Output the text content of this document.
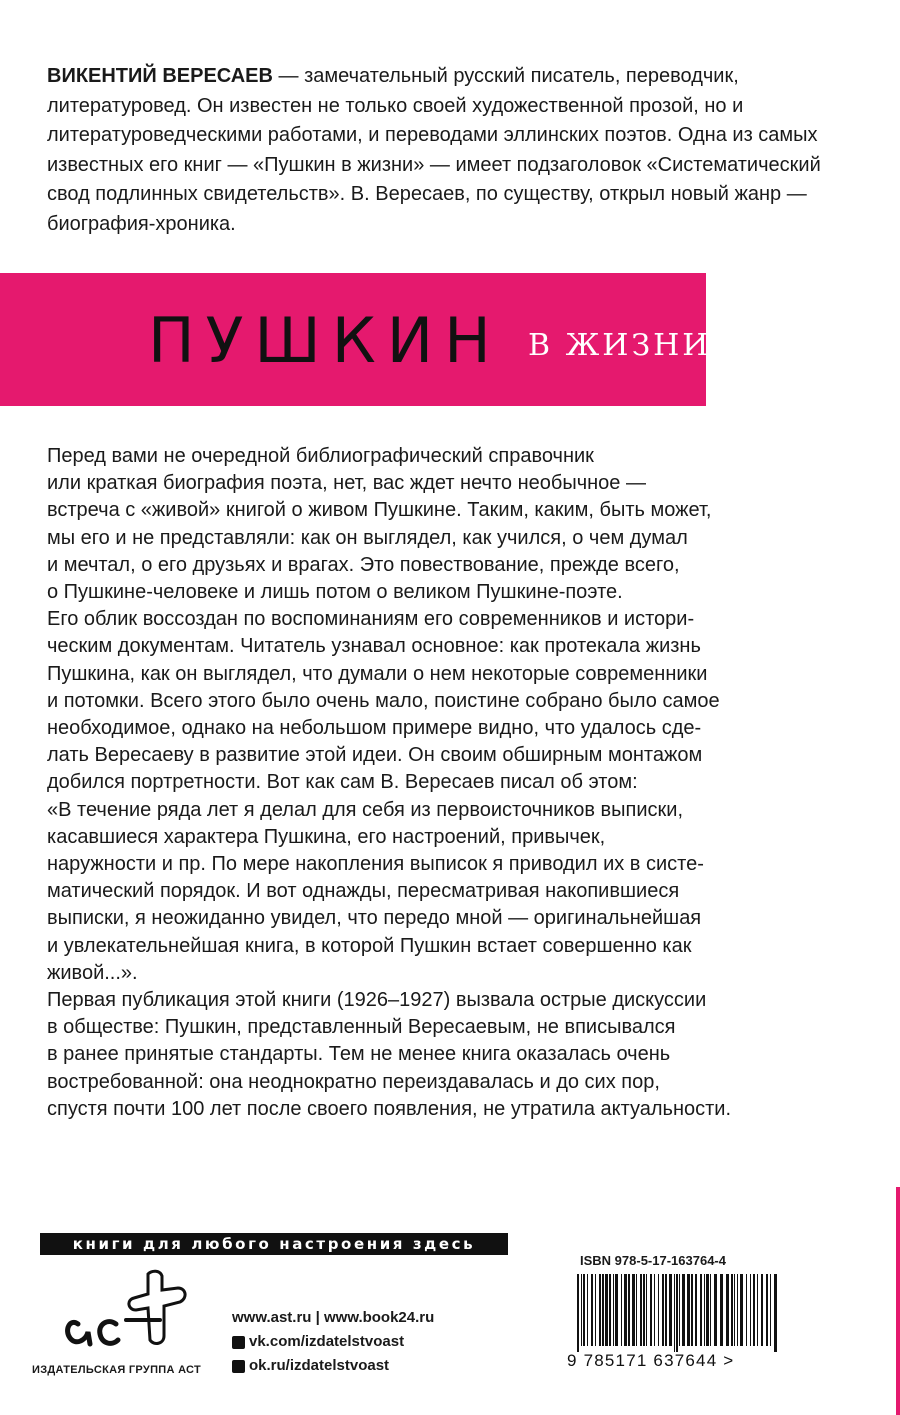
ВИКЕНТИЙ ВЕРЕСАЕВ — замечательный русский писатель, переводчик, литературовед. Он известен не только своей художественной прозой, но и литературоведческими работами, и переводами эллинских поэтов. Одна из самых известных его книг — «Пушкин в жизни» — имеет подзаголовок «Систематический свод подлинных свидетельств». В. Вересаев, по существу, открыл новый жанр — биография-хроника.

ПУШКИН В ЖИЗНИ
Перед вами не очередной библиографический справочник
или краткая биография поэта, нет, вас ждет нечто необычное —
встреча с «живой» книгой о живом Пушкине. Таким, каким, быть может,
мы его и не представляли: как он выглядел, как учился, о чем думал
и мечтал, о его друзьях и врагах. Это повествование, прежде всего,
о Пушкине-человеке и лишь потом о великом Пушкине-поэте.
Его облик воссоздан по воспоминаниям его современников и истори-
ческим документам. Читатель узнавал основное: как протекала жизнь
Пушкина, как он выглядел, что думали о нем некоторые современники
и потомки. Всего этого было очень мало, поистине собрано было самое
необходимое, однако на небольшом примере видно, что удалось сде-
лать Вересаеву в развитие этой идеи. Он своим обширным монтажом
добился портретности. Вот как сам В. Вересаев писал об этом:
«В течение ряда лет я делал для себя из первоисточников выписки,
касавшиеся характера Пушкина, его настроений, привычек,
наружности и пр. По мере накопления выписок я приводил их в систе-
матический порядок. И вот однажды, пересматривая накопившиеся
выписки, я неожиданно увидел, что передо мной — оригинальнейшая
и увлекательнейшая книга, в которой Пушкин встает совершенно как
живой...».
Первая публикация этой книги (1926–1927) вызвала острые дискуссии
в обществе: Пушкин, представленный Вересаевым, не вписывался
в ранее принятые стандарты. Тем не менее книга оказалась очень
востребованной: она неоднократно переиздавалась и до сих пор,
спустя почти 100 лет после своего появления, не утратила актуальности.
книги для любого настроения здесь
аст
ИЗДАТЕЛЬСКАЯ ГРУППА АСТ
www.ast.ru | www.book24.ru
vk.com/izdatelstvoast
ok.ru/izdatelstvoast
ISBN 978-5-17-163764-4
9 785171 637644 >
